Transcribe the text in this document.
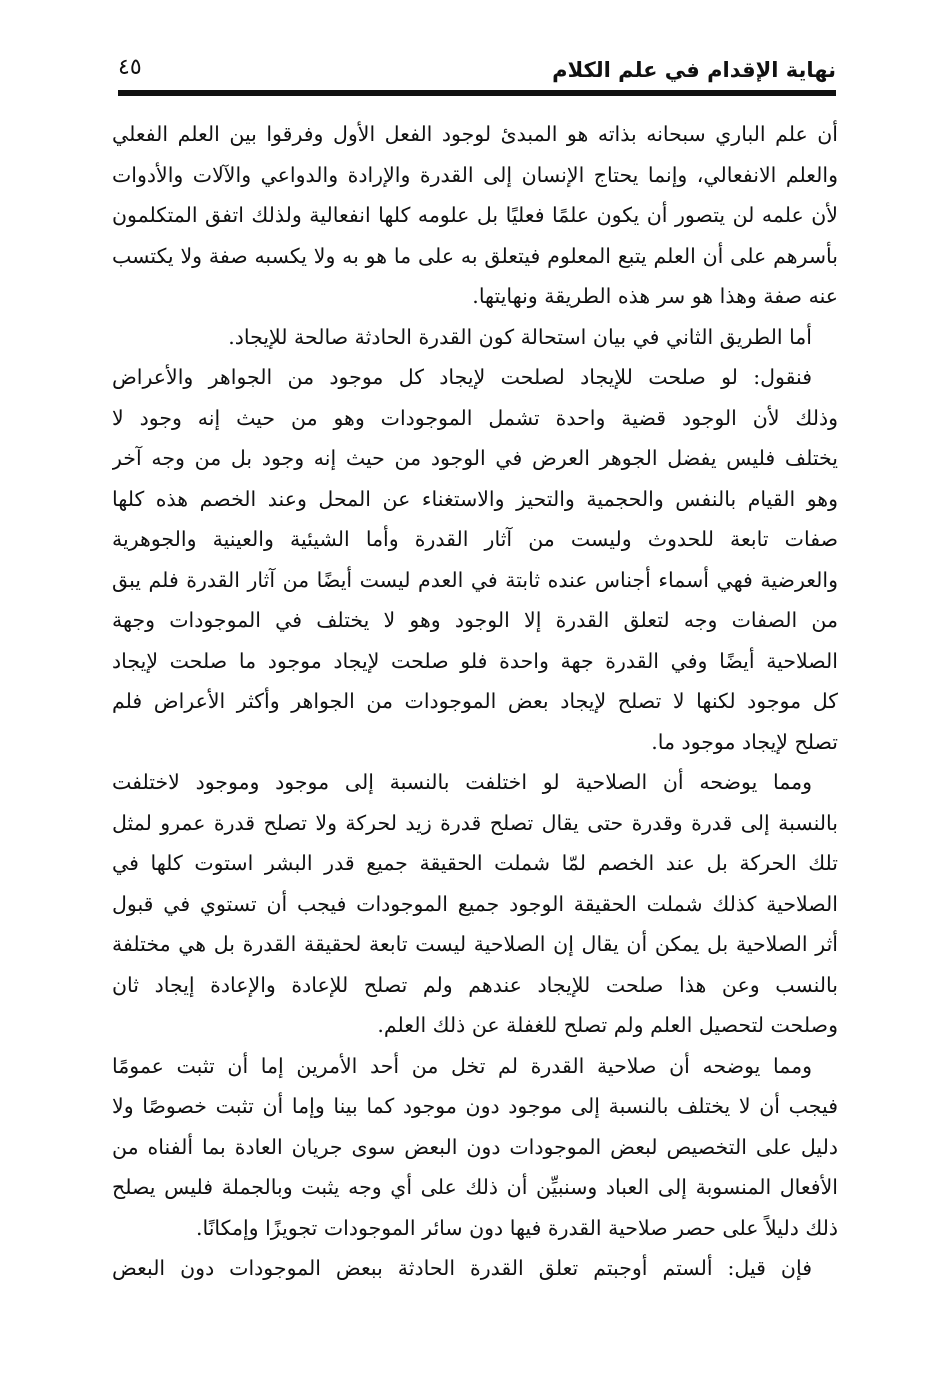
نهاية الإقدام في علم الكلام
٤٥
أن علم الباري سبحانه بذاته هو المبدئ لوجود الفعل الأول وفرقوا بين العلم الفعلي
والعلم الانفعالي، وإنما يحتاج الإنسان إلى القدرة والإرادة والدواعي والآلات والأدوات
لأن علمه لن يتصور أن يكون علمًا فعليًا بل علومه كلها انفعالية ولذلك اتفق المتكلمون
بأسرهم على أن العلم يتبع المعلوم فيتعلق به على ما هو به ولا يكسبه صفة ولا يكتسب
عنه صفة وهذا هو سر هذه الطريقة ونهايتها.
أما الطريق الثاني في بيان استحالة كون القدرة الحادثة صالحة للإيجاد.
فنقول: لو صلحت للإيجاد لصلحت لإيجاد كل موجود من الجواهر والأعراض
وذلك لأن الوجود قضية واحدة تشمل الموجودات وهو من حيث إنه وجود لا
يختلف فليس يفضل الجوهر العرض في الوجود من حيث إنه وجود بل من وجه آخر
وهو القيام بالنفس والحجمية والتحيز والاستغناء عن المحل وعند الخصم هذه كلها
صفات تابعة للحدوث وليست من آثار القدرة وأما الشيئية والعينية والجوهرية
والعرضية فهي أسماء أجناس عنده ثابتة في العدم ليست أيضًا من آثار القدرة فلم يبق
من الصفات وجه لتعلق القدرة إلا الوجود وهو لا يختلف في الموجودات وجهة
الصلاحية أيضًا وفي القدرة جهة واحدة فلو صلحت لإيجاد موجود ما صلحت لإيجاد
كل موجود لكنها لا تصلح لإيجاد بعض الموجودات من الجواهر وأكثر الأعراض فلم
تصلح لإيجاد موجود ما.
ومما يوضحه أن الصلاحية لو اختلفت بالنسبة إلى موجود وموجود لاختلفت
بالنسبة إلى قدرة وقدرة حتى يقال تصلح قدرة زيد لحركة ولا تصلح قدرة عمرو لمثل
تلك الحركة بل عند الخصم لمّا شملت الحقيقة جميع قدر البشر استوت كلها في
الصلاحية كذلك شملت الحقيقة الوجود جميع الموجودات فيجب أن تستوي في قبول
أثر الصلاحية بل يمكن أن يقال إن الصلاحية ليست تابعة لحقيقة القدرة بل هي مختلفة
بالنسب وعن هذا صلحت للإيجاد عندهم ولم تصلح للإعادة والإعادة إيجاد ثان
وصلحت لتحصيل العلم ولم تصلح للغفلة عن ذلك العلم.
ومما يوضحه أن صلاحية القدرة لم تخل من أحد الأمرين إما أن تثبت عمومًا
فيجب أن لا يختلف بالنسبة إلى موجود دون موجود كما بينا وإما أن تثبت خصوصًا ولا
دليل على التخصيص لبعض الموجودات دون البعض سوى جريان العادة بما ألفناه من
الأفعال المنسوبة إلى العباد وسنبيِّن أن ذلك على أي وجه يثبت وبالجملة فليس يصلح
ذلك دليلاً على حصر صلاحية القدرة فيها دون سائر الموجودات تجويزًا وإمكانًا.
فإن قيل: ألستم أوجبتم تعلق القدرة الحادثة ببعض الموجودات دون البعض
